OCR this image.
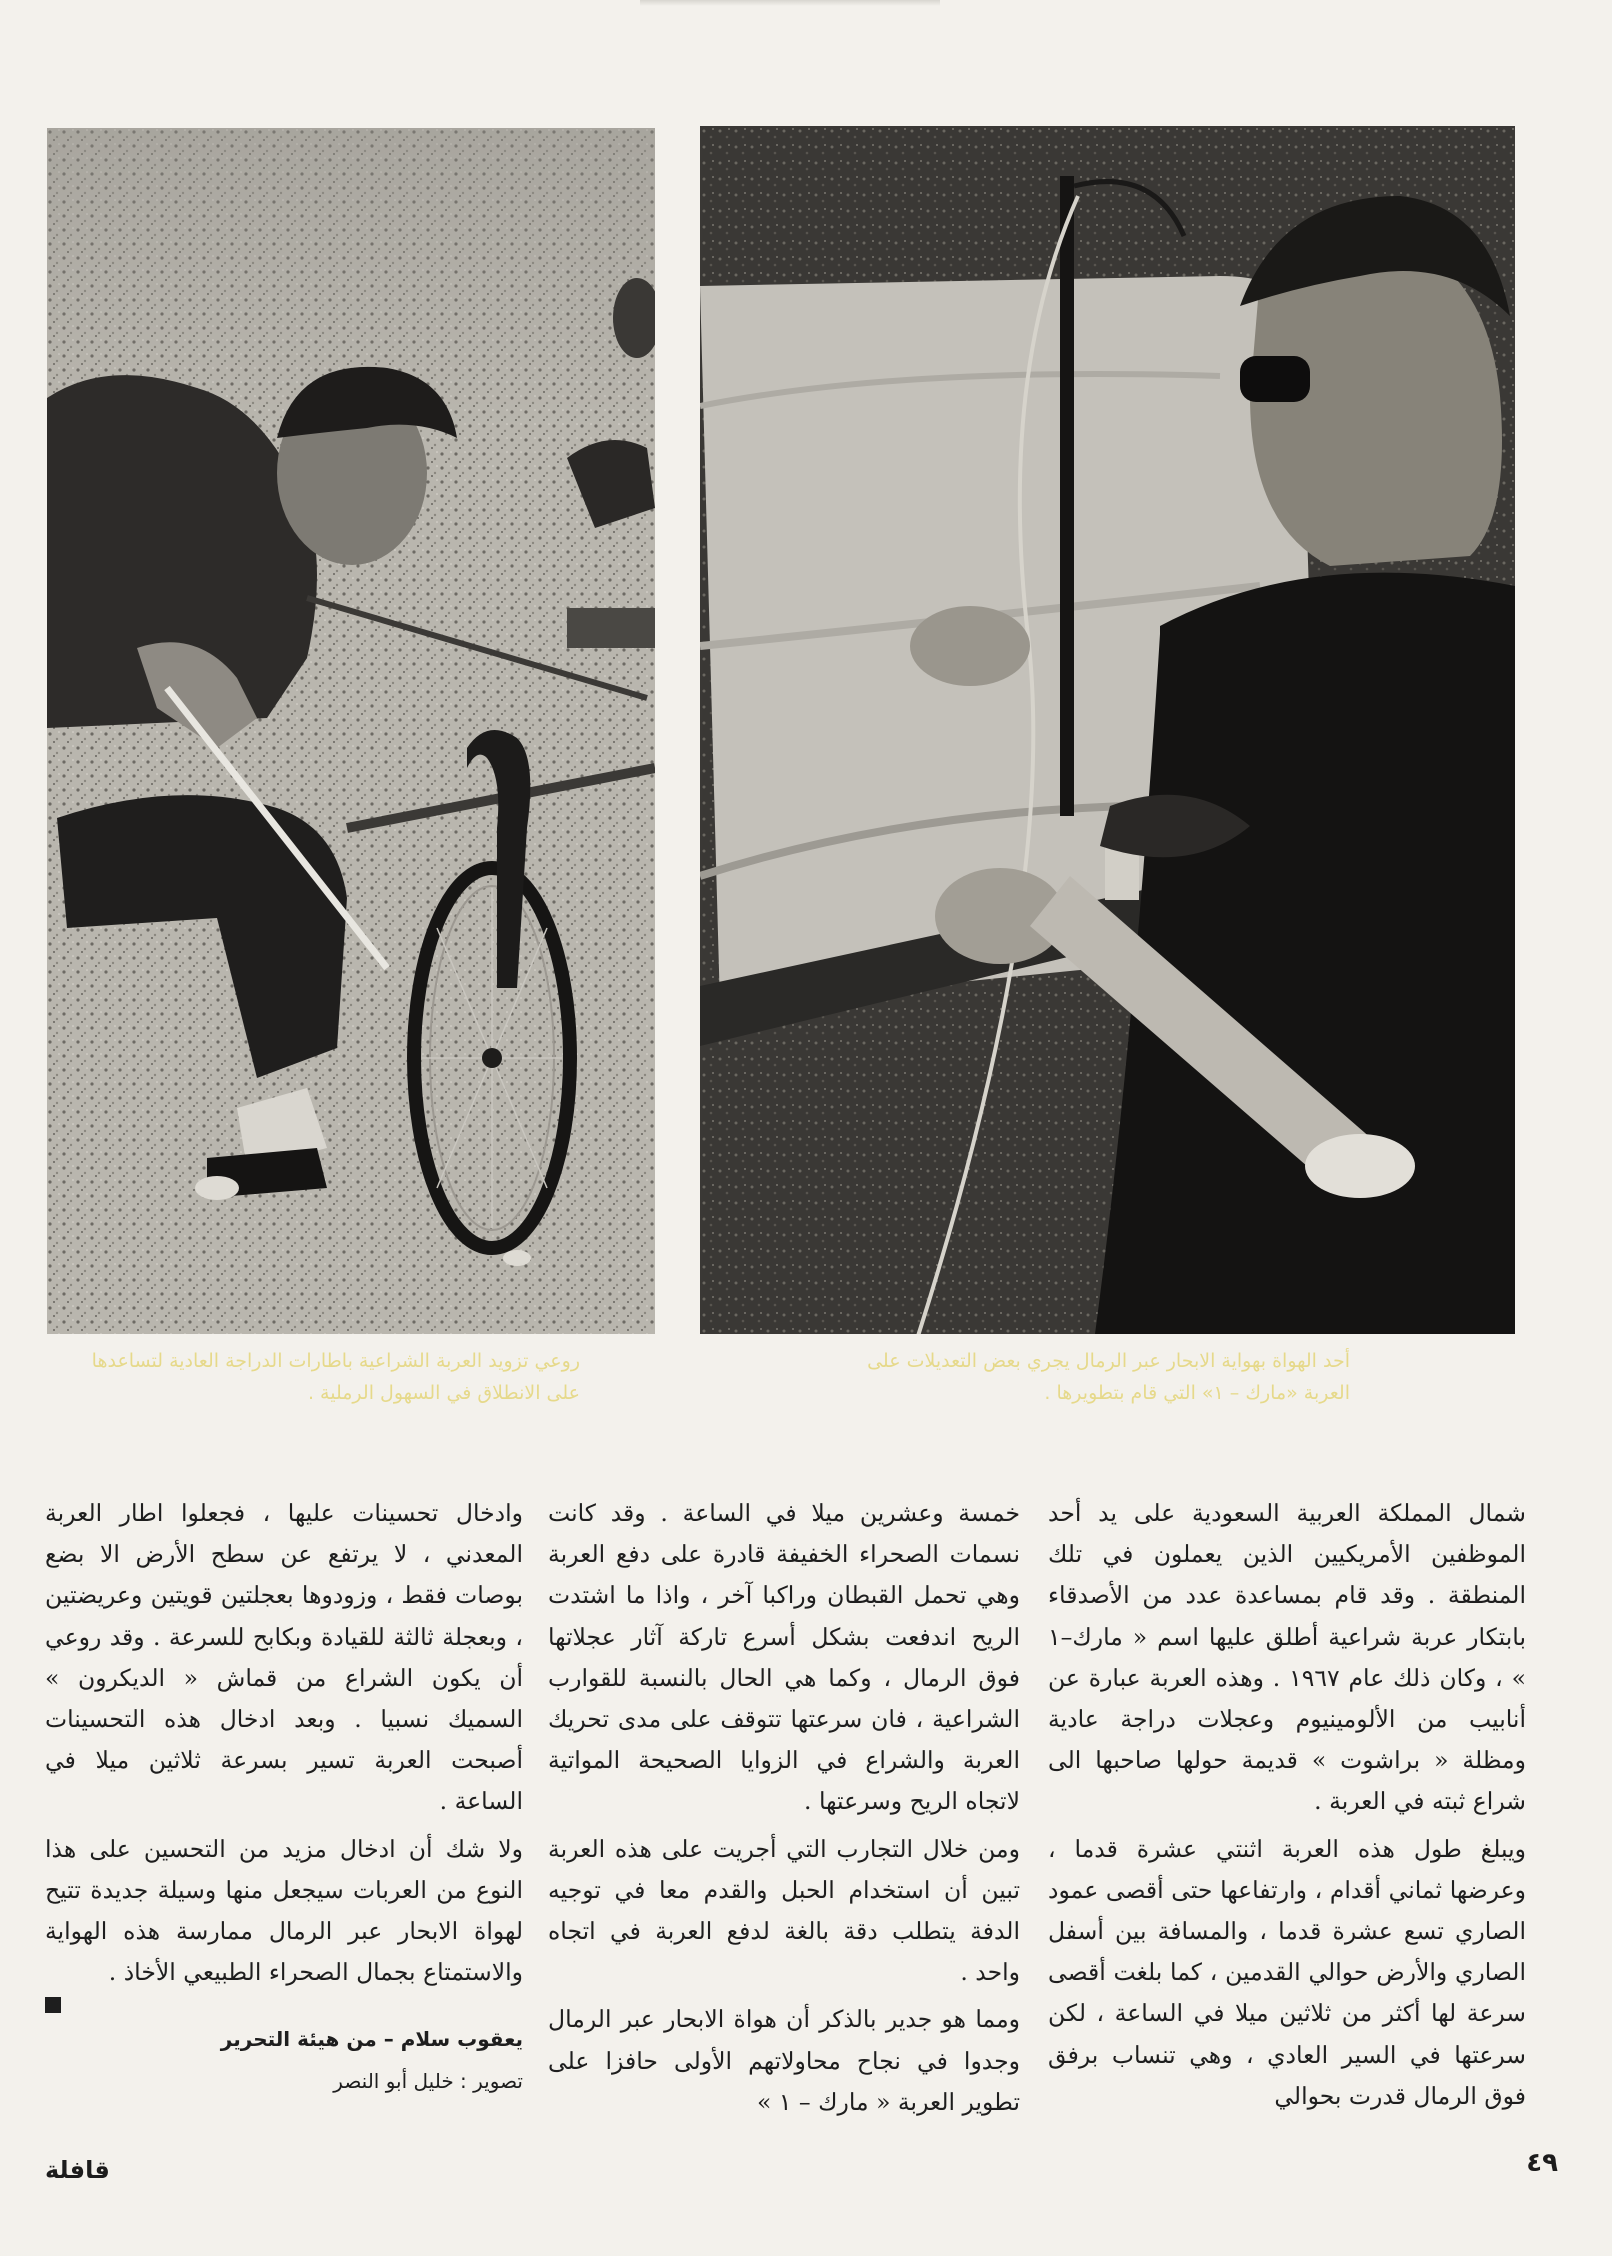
روعي تزويد العربة الشراعية باطارات الدراجة العادية لتساعدها على الانطلاق في السهول الرملية .
أحد الهواة بهواية الابحار عبر الرمال يجري بعض التعديلات على العربة «مارك – ١» التي قام بتطويرها .

شمال المملكة العربية السعودية على يد أحد الموظفين الأمريكيين الذين يعملون في تلك المنطقة . وقد قام بمساعدة عدد من الأصدقاء بابتكار عربة شراعية أطلق عليها اسم « مارك–١ » ، وكان ذلك عام ١٩٦٧ . وهذه العربة عبارة عن أنابيب من الألومينيوم وعجلات دراجة عادية ومظلة « براشوت » قديمة حولها صاحبها الى شراع ثبته في العربة .

ويبلغ طول هذه العربة اثنتي عشرة قدما ، وعرضها ثماني أقدام ، وارتفاعها حتى أقصى عمود الصاري تسع عشرة قدما ، والمسافة بين أسفل الصاري والأرض حوالي القدمين ، كما بلغت أقصى سرعة لها أكثر من ثلاثين ميلا في الساعة ، لكن سرعتها في السير العادي ، وهي تنساب برفق فوق الرمال قدرت بحوالي

خمسة وعشرين ميلا في الساعة . وقد كانت نسمات الصحراء الخفيفة قادرة على دفع العربة وهي تحمل القبطان وراكبا آخر ، واذا ما اشتدت الريح اندفعت بشكل أسرع تاركة آثار عجلاتها فوق الرمال ، وكما هي الحال بالنسبة للقوارب الشراعية ، فان سرعتها تتوقف على مدى تحريك العربة والشراع في الزوايا الصحيحة المواتية لاتجاه الريح وسرعتها .

ومن خلال التجارب التي أجريت على هذه العربة تبين أن استخدام الحبل والقدم معا في توجيه الدفة يتطلب دقة بالغة لدفع العربة في اتجاه واحد .

ومما هو جدير بالذكر أن هواة الابحار عبر الرمال وجدوا في نجاح محاولاتهم الأولى حافزا على تطوير العربة « مارك – ١ »

وادخال تحسينات عليها ، فجعلوا اطار العربة المعدني ، لا يرتفع عن سطح الأرض الا بضع بوصات فقط ، وزودوها بعجلتين قويتين وعريضتين ، وبعجلة ثالثة للقيادة وبكابح للسرعة . وقد روعي أن يكون الشراع من قماش « الديكرون » السميك نسبيا . وبعد ادخال هذه التحسينات أصبحت العربة تسير بسرعة ثلاثين ميلا في الساعة .

ولا شك أن ادخال مزيد من التحسين على هذا النوع من العربات سيجعل منها وسيلة جديدة تتيح لهواة الابحار عبر الرمال ممارسة هذه الهواية والاستمتاع بجمال الصحراء الطبيعي الأخاذ .

يعقوب سلام – من هيئة التحرير
تصوير : خليل أبو النصر
٤٩
قافلة
